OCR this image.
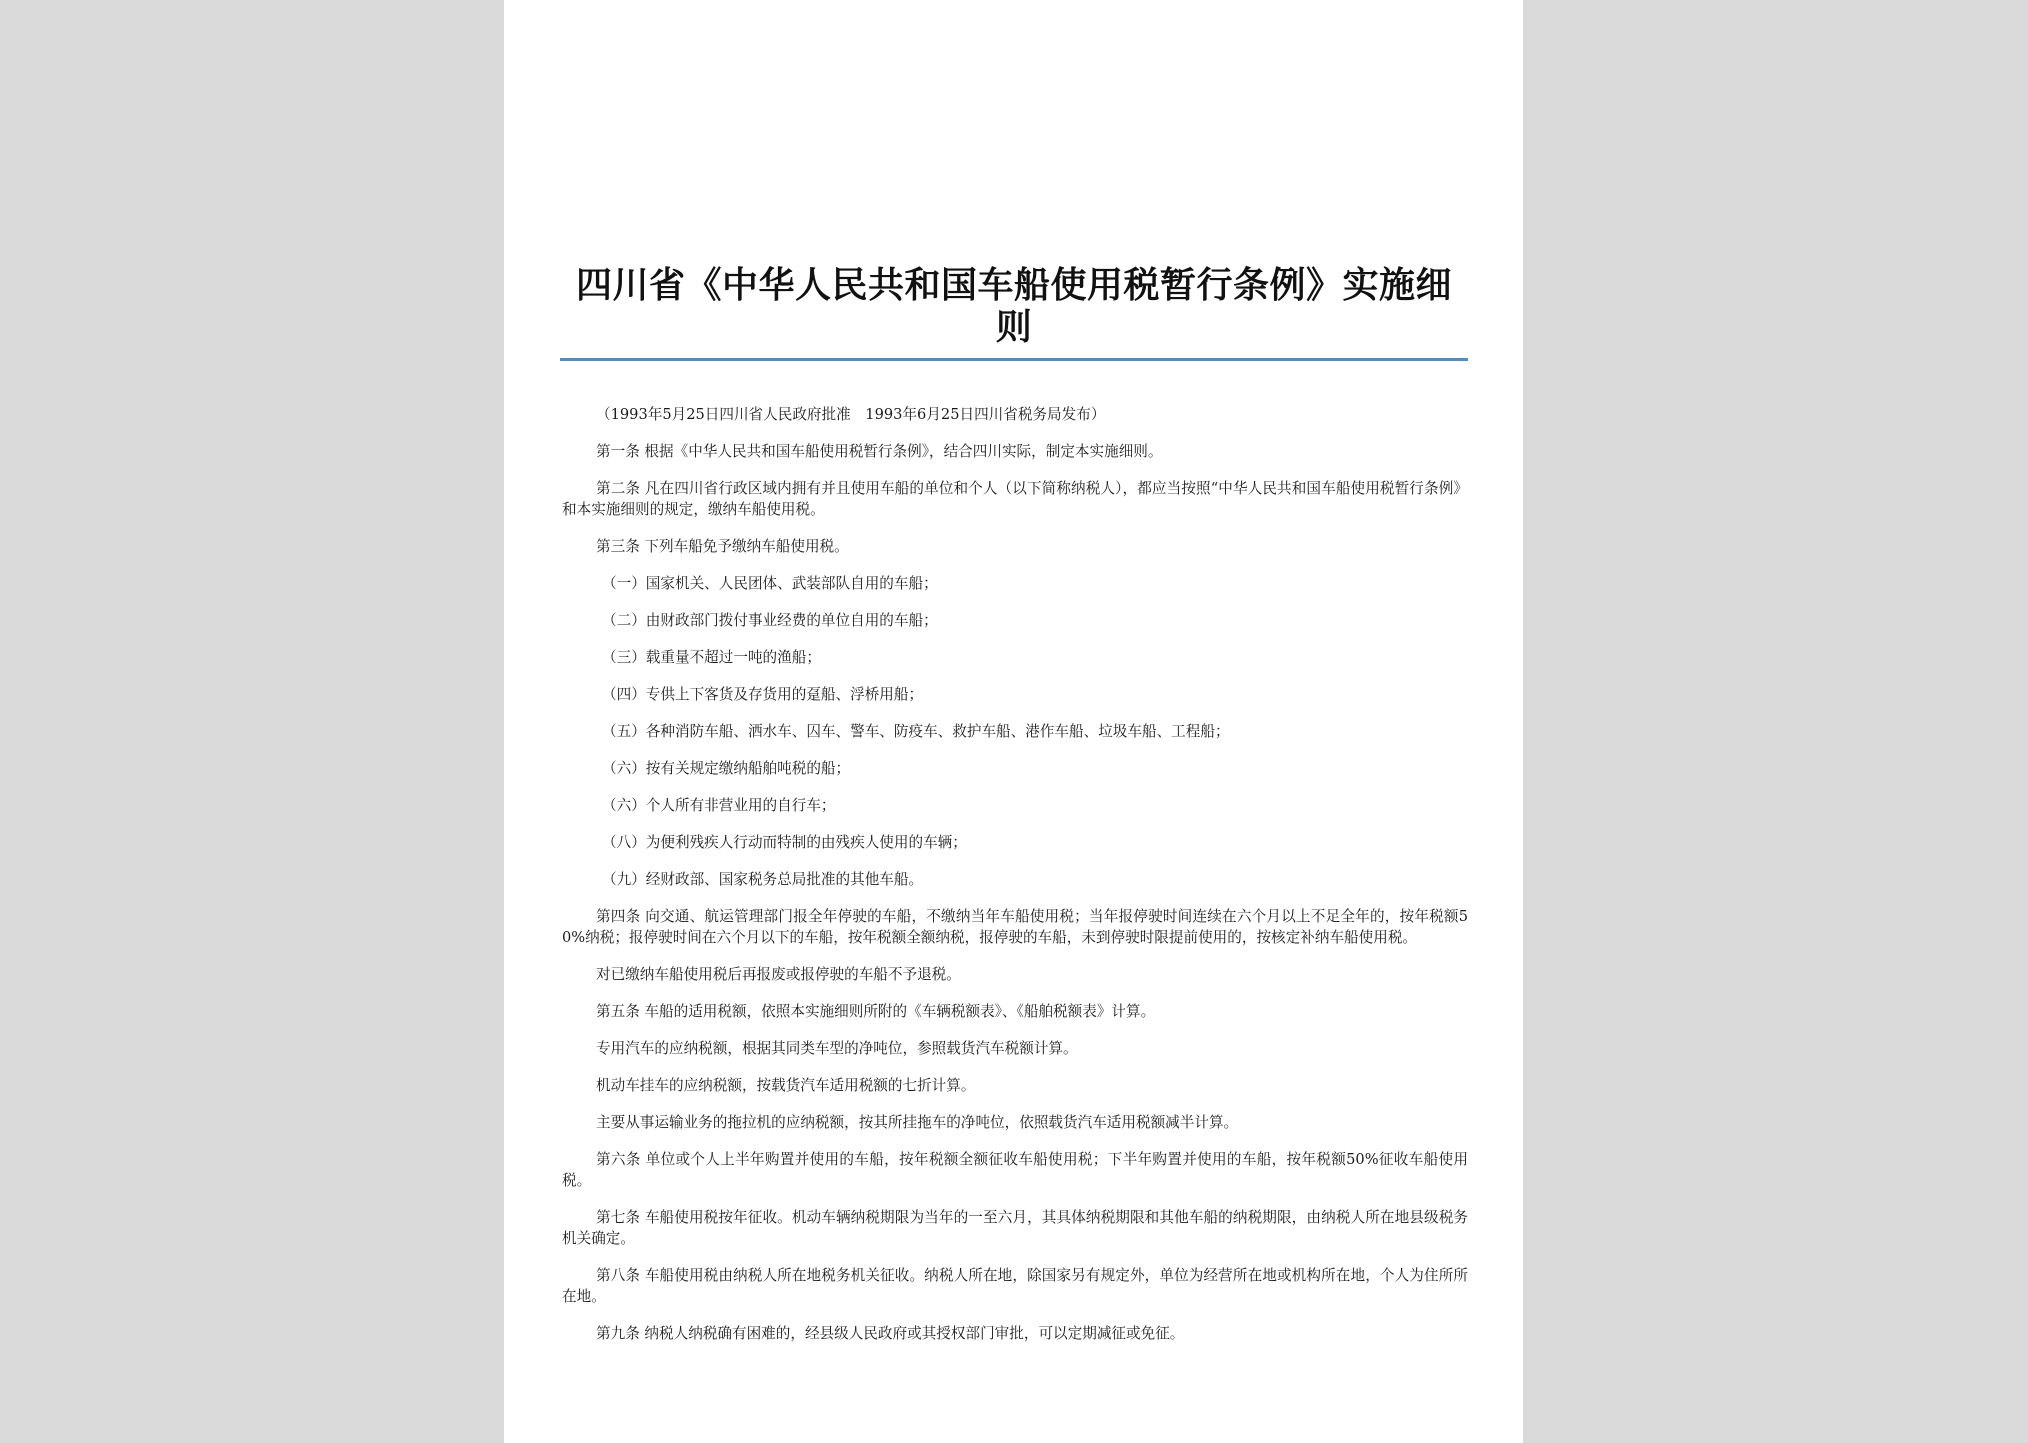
四川省《中华人民共和国车船使用税暂行条例》实施细则

（1993年5月25日四川省人民政府批准　1993年6月25日四川省税务局发布）

第一条 根据《中华人民共和国车船使用税暂行条例》，结合四川实际，制定本实施细则。

第二条 凡在四川省行政区域内拥有并且使用车船的单位和个人（以下简称纳税人），都应当按照“中华人民共和国车船使用税暂行条例》和本实施细则的规定，缴纳车船使用税。

第三条 下列车船免予缴纳车船使用税。

（一）国家机关、人民团体、武装部队自用的车船；

（二）由财政部门拨付事业经费的单位自用的车船；

（三）载重量不超过一吨的渔船；

（四）专供上下客货及存货用的趸船、浮桥用船；

（五）各种消防车船、洒水车、囚车、警车、防疫车、救护车船、港作车船、垃圾车船、工程船；

（六）按有关规定缴纳船舶吨税的船；

（六）个人所有非营业用的自行车；

（八）为便利残疾人行动而特制的由残疾人使用的车辆；

（九）经财政部、国家税务总局批准的其他车船。

第四条 向交通、航运管理部门报全年停驶的车船，不缴纳当年车船使用税；当年报停驶时间连续在六个月以上不足全年的，按年税额50%纳税；报停驶时间在六个月以下的车船，按年税额全额纳税，报停驶的车船，未到停驶时限提前使用的，按核定补纳车船使用税。

对已缴纳车船使用税后再报废或报停驶的车船不予退税。

第五条 车船的适用税额，依照本实施细则所附的《车辆税额表》、《船舶税额表》计算。

专用汽车的应纳税额，根据其同类车型的净吨位，参照载货汽车税额计算。

机动车挂车的应纳税额，按载货汽车适用税额的七折计算。

主要从事运输业务的拖拉机的应纳税额，按其所挂拖车的净吨位，依照载货汽车适用税额减半计算。

第六条 单位或个人上半年购置并使用的车船，按年税额全额征收车船使用税；下半年购置并使用的车船，按年税额50%征收车船使用税。

第七条 车船使用税按年征收。机动车辆纳税期限为当年的一至六月，其具体纳税期限和其他车船的纳税期限，由纳税人所在地县级税务机关确定。

第八条 车船使用税由纳税人所在地税务机关征收。纳税人所在地，除国家另有规定外，单位为经营所在地或机构所在地，个人为住所所在地。

第九条 纳税人纳税确有困难的，经县级人民政府或其授权部门审批，可以定期减征或免征。
